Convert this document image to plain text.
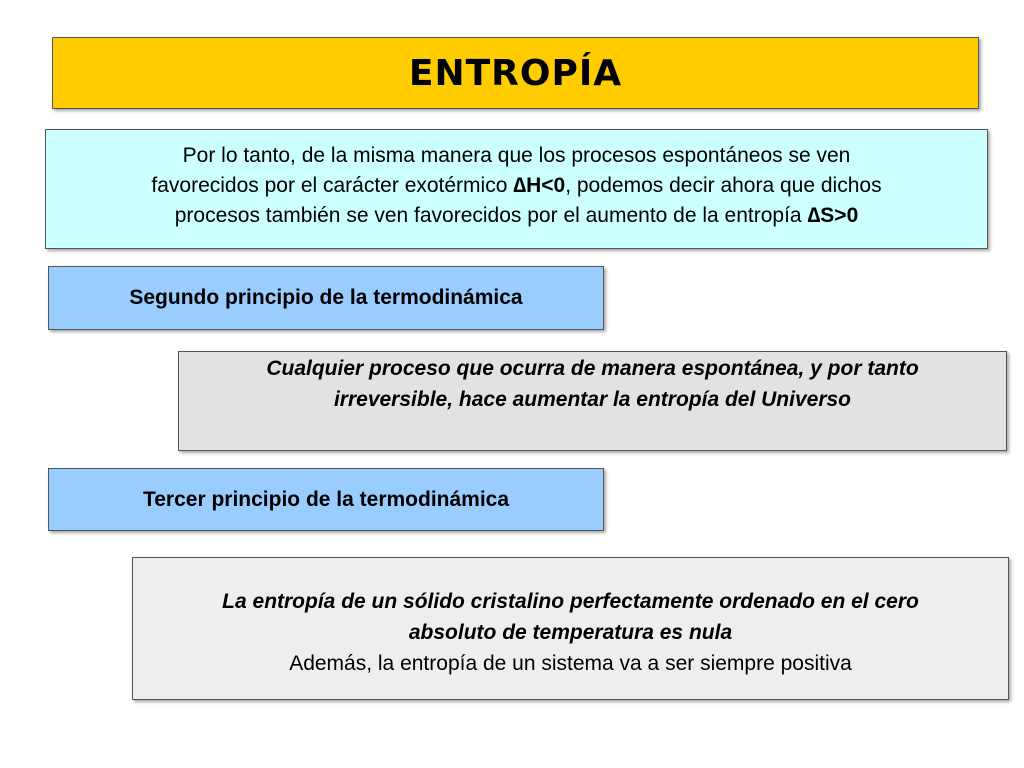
ENTROPÍA
Por lo tanto, de la misma manera que los procesos espontáneos se ven
favorecidos por el carácter exotérmico ∆H<0, podemos decir ahora que dichos
procesos también se ven favorecidos por el aumento de la entropía ∆S>0
Segundo principio de la termodinámica
Cualquier proceso que ocurra de manera espontánea, y por tanto
irreversible, hace aumentar la entropía del Universo
Tercer principio de la termodinámica
La entropía de un sólido cristalino perfectamente ordenado en el cero
absoluto de temperatura es nula
Además, la entropía de un sistema va a ser siempre positiva
